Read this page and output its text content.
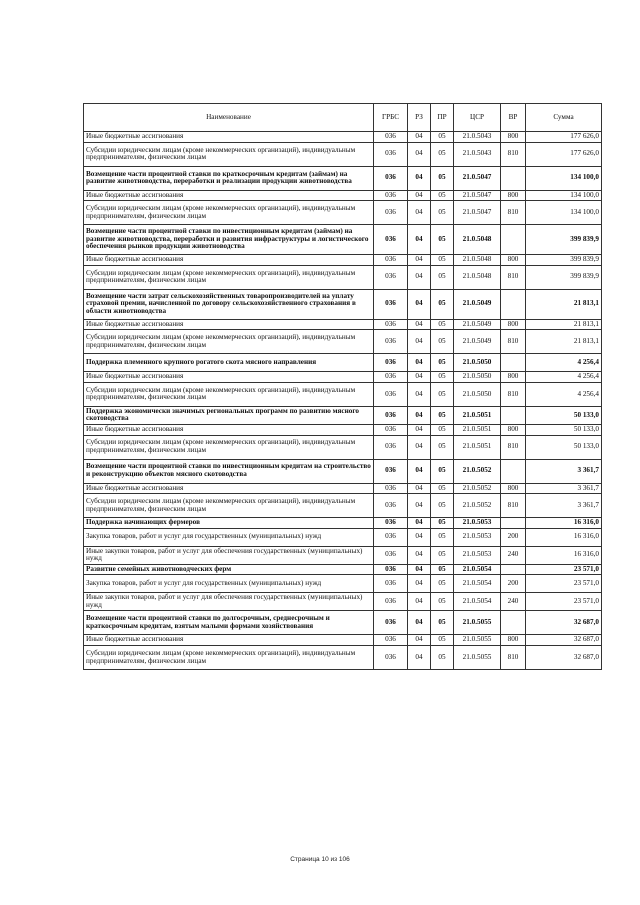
Наименование	ГРБС	РЗ	ПР	ЦСР	ВР	Сумма
Иные бюджетные ассигнования	036	04	05	21.0.5043	800	177 626,0
Субсидии юридическим лицам (кроме некоммерческих организаций), индивидуальным предпринимателям, физическим лицам	036	04	05	21.0.5043	810	177 626,0
Возмещение части процентной ставки по краткосрочным кредитам (займам) на развитие животноводства, переработки и реализации продукции животноводства	036	04	05	21.0.5047		134 100,0
Иные бюджетные ассигнования	036	04	05	21.0.5047	800	134 100,0
Субсидии юридическим лицам (кроме некоммерческих организаций), индивидуальным предпринимателям, физическим лицам	036	04	05	21.0.5047	810	134 100,0
Возмещение части процентной ставки по инвестиционным кредитам (займам) на развитие животноводства, переработки и развития инфраструктуры и логистического обеспечения рынков продукции животноводства	036	04	05	21.0.5048		399 839,9
Иные бюджетные ассигнования	036	04	05	21.0.5048	800	399 839,9
Субсидии юридическим лицам (кроме некоммерческих организаций), индивидуальным предпринимателям, физическим лицам	036	04	05	21.0.5048	810	399 839,9
Возмещение части затрат сельскохозяйственных товаропроизводителей на уплату страховой премии, начисленной по договору сельскохозяйственного страхования в области животноводства	036	04	05	21.0.5049		21 813,1
Иные бюджетные ассигнования	036	04	05	21.0.5049	800	21 813,1
Субсидии юридическим лицам (кроме некоммерческих организаций), индивидуальным предпринимателям, физическим лицам	036	04	05	21.0.5049	810	21 813,1
Поддержка племенного крупного рогатого скота мясного направления	036	04	05	21.0.5050		4 256,4
Иные бюджетные ассигнования	036	04	05	21.0.5050	800	4 256,4
Субсидии юридическим лицам (кроме некоммерческих организаций), индивидуальным предпринимателям, физическим лицам	036	04	05	21.0.5050	810	4 256,4
Поддержка экономически значимых региональных программ по развитию мясного скотоводства	036	04	05	21.0.5051		50 133,0
Иные бюджетные ассигнования	036	04	05	21.0.5051	800	50 133,0
Субсидии юридическим лицам (кроме некоммерческих организаций), индивидуальным предпринимателям, физическим лицам	036	04	05	21.0.5051	810	50 133,0
Возмещение части процентной ставки по инвестиционным кредитам на строительство и реконструкцию объектов мясного скотоводства	036	04	05	21.0.5052		3 361,7
Иные бюджетные ассигнования	036	04	05	21.0.5052	800	3 361,7
Субсидии юридическим лицам (кроме некоммерческих организаций), индивидуальным предпринимателям, физическим лицам	036	04	05	21.0.5052	810	3 361,7
Поддержка начинающих фермеров	036	04	05	21.0.5053		16 316,0
Закупка товаров, работ и услуг для государственных (муниципальных) нужд	036	04	05	21.0.5053	200	16 316,0
Иные закупки товаров, работ и услуг для обеспечения государственных (муниципальных) нужд	036	04	05	21.0.5053	240	16 316,0
Развитие семейных животноводческих ферм	036	04	05	21.0.5054		23 571,0
Закупка товаров, работ и услуг для государственных (муниципальных) нужд	036	04	05	21.0.5054	200	23 571,0
Иные закупки товаров, работ и услуг для обеспечения государственных (муниципальных) нужд	036	04	05	21.0.5054	240	23 571,0
Возмещение части процентной ставки по долгосрочным, среднесрочным и краткосрочным кредитам, взятым малыми формами хозяйствования	036	04	05	21.0.5055		32 687,0
Иные бюджетные ассигнования	036	04	05	21.0.5055	800	32 687,0
Субсидии юридическим лицам (кроме некоммерческих организаций), индивидуальным предпринимателям, физическим лицам	036	04	05	21.0.5055	810	32 687,0
Страница 10 из 106
